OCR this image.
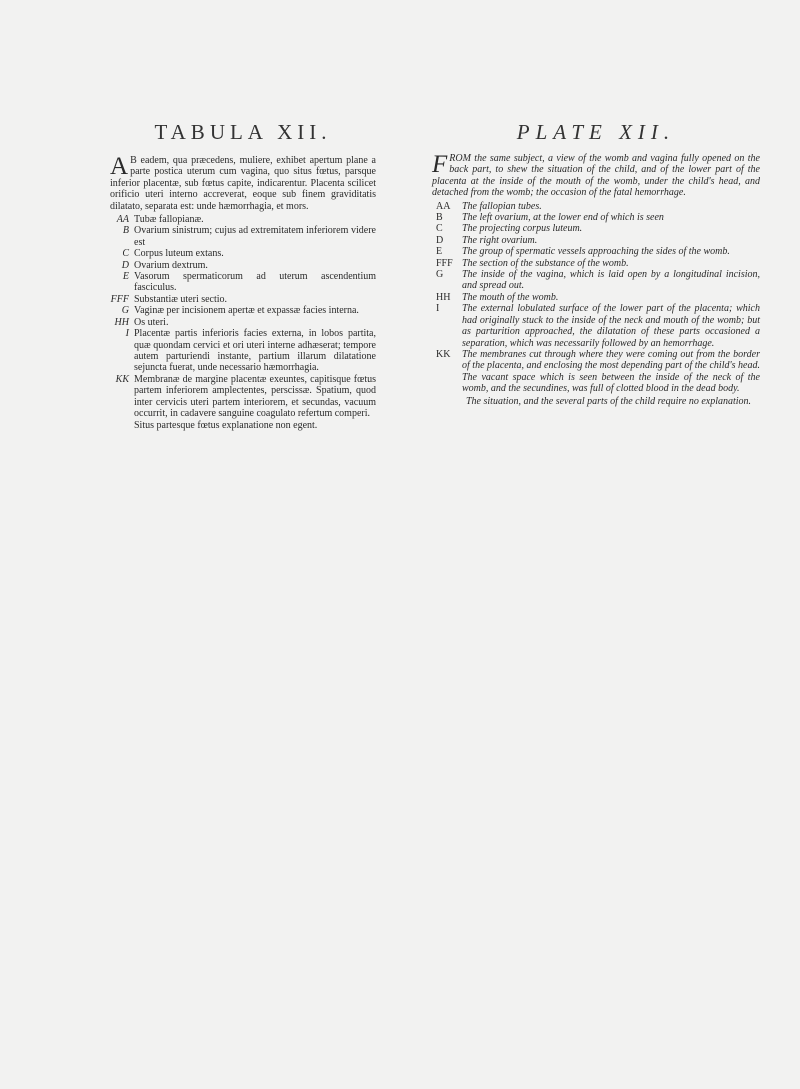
TABULA XII.

A B eadem, qua præcedens, muliere, exhibet apertum plane a parte postica uterum cum vagina, quo situs fœtus, parsque inferior placentæ, sub fœtus capite, indicarentur. Placenta scilicet orificio uteri interno accreverat, eoque sub finem graviditatis dilatato, separata est: unde hæmorrhagia, et mors.

AA Tubæ fallopianæ.
B Ovarium sinistrum; cujus ad extremitatem inferiorem videre est
C Corpus luteum extans.
D Ovarium dextrum.
E Vasorum spermaticorum ad uterum ascendentium fasciculus.
FFF Substantiæ uteri sectio.
G Vaginæ per incisionem apertæ et expassæ facies interna.
HH Os uteri.
I Placentæ partis inferioris facies externa, in lobos partita, quæ quondam cervici et ori uteri interne adhæserat; tempore autem parturiendi instante, partium illarum dilatatione sejuncta fuerat, unde necessario hæmorrhagia.
KK Membranæ de margine placentæ exeuntes, capitisque fœtus partem inferiorem amplectentes, perscissæ. Spatium, quod inter cervicis uteri partem interiorem, et secundas, vacuum occurrit, in cadavere sanguine coagulato refertum comperi.
Situs partesque fœtus explanatione non egent.
PLATE XII.

F ROM the same subject, a view of the womb and vagina fully opened on the back part, to shew the situation of the child, and of the lower part of the placenta at the inside of the mouth of the womb, under the child's head, and detached from the womb; the occasion of the fatal hemorrhage.

AA	The fallopian tubes.
B	The left ovarium, at the lower end of which is seen
C	The projecting corpus luteum.
D	The right ovarium.
E	The group of spermatic vessels approaching the sides of the womb.
FFF The section of the substance of the womb.
G	The inside of the vagina, which is laid open by a longitudinal incision, and spread out.
HH	The mouth of the womb.
I	The external lobulated surface of the lower part of the placenta; which had originally stuck to the inside of the neck and mouth of the womb; but as parturition approached, the dilatation of these parts occasioned a separation, which was necessarily followed by an hemorrhage.
KK	The membranes cut through where they were coming out from the border of the placenta, and enclosing the most depending part of the child's head. The vacant space which is seen between the inside of the neck of the womb, and the secundines, was full of clotted blood in the dead body.
The situation, and the several parts of the child require no explanation.
